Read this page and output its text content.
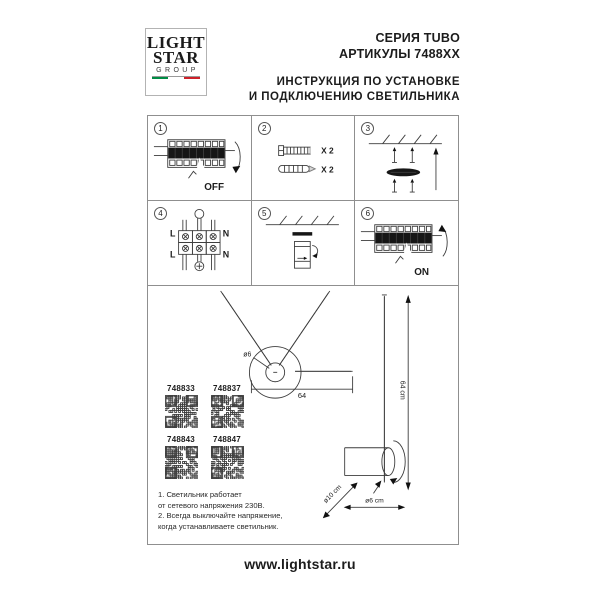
LIGHT
STAR
GROUP
СЕРИЯ TUBO
АРТИКУЛЫ 7488XX
ИНСТРУКЦИЯ ПО УСТАНОВКЕ
И ПОДКЛЮЧЕНИЮ СВЕТИЛЬНИКА
1
OFF
2
X 2
X 2
3
4
L	N
L	N
5	6
ON
ø6
64	64 cm
ø10 cm	ø6 cm
748833	748837
748843	748847
1. Светильник работает
от сетевого напряжения 230В.
2. Всегда выключайте напряжение,
когда устанавливаете светильник.
www.lightstar.ru
